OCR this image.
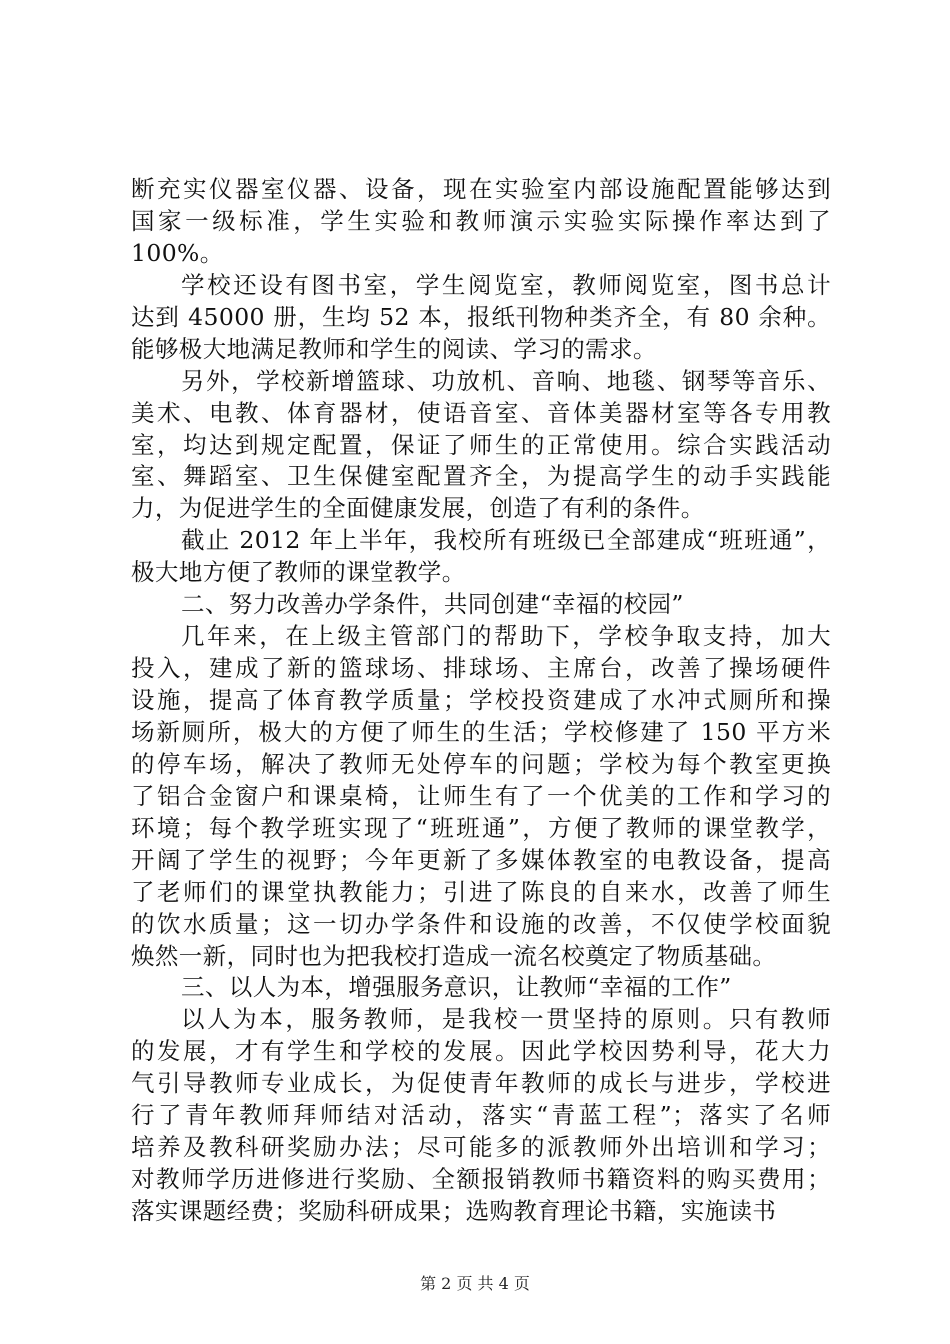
断充实仪器室仪器、设备，现在实验室内部设施配置能够达到
国家一级标准，学生实验和教师演示实验实际操作率达到了
100%。
学校还设有图书室，学生阅览室，教师阅览室，图书总计
达到 45000 册，生均 52 本，报纸刊物种类齐全，有 80 余种。
能够极大地满足教师和学生的阅读、学习的需求。
另外，学校新增篮球、功放机、音响、地毯、钢琴等音乐、
美术、电教、体育器材，使语音室、音体美器材室等各专用教
室，均达到规定配置，保证了师生的正常使用。综合实践活动
室、舞蹈室、卫生保健室配置齐全，为提高学生的动手实践能
力，为促进学生的全面健康发展，创造了有利的条件。
截止 2012 年上半年，我校所有班级已全部建成“班班通”，
极大地方便了教师的课堂教学。
二、努力改善办学条件，共同创建“幸福的校园”
几年来，在上级主管部门的帮助下，学校争取支持，加大
投入，建成了新的篮球场、排球场、主席台，改善了操场硬件
设施，提高了体育教学质量；学校投资建成了水冲式厕所和操
场新厕所，极大的方便了师生的生活；学校修建了 150 平方米
的停车场，解决了教师无处停车的问题；学校为每个教室更换
了铝合金窗户和课桌椅，让师生有了一个优美的工作和学习的
环境；每个教学班实现了“班班通”，方便了教师的课堂教学，
开阔了学生的视野；今年更新了多媒体教室的电教设备，提高
了老师们的课堂执教能力；引进了陈良的自来水，改善了师生
的饮水质量；这一切办学条件和设施的改善，不仅使学校面貌
焕然一新，同时也为把我校打造成一流名校奠定了物质基础。
三、以人为本，增强服务意识，让教师“幸福的工作”
以人为本，服务教师，是我校一贯坚持的原则。只有教师
的发展，才有学生和学校的发展。因此学校因势利导，花大力
气引导教师专业成长，为促使青年教师的成长与进步，学校进
行了青年教师拜师结对活动，落实“青蓝工程”；落实了名师
培养及教科研奖励办法；尽可能多的派教师外出培训和学习；
对教师学历进修进行奖励、全额报销教师书籍资料的购买费用；
落实课题经费；奖励科研成果；选购教育理论书籍，实施读书
第 2 页 共 4 页
